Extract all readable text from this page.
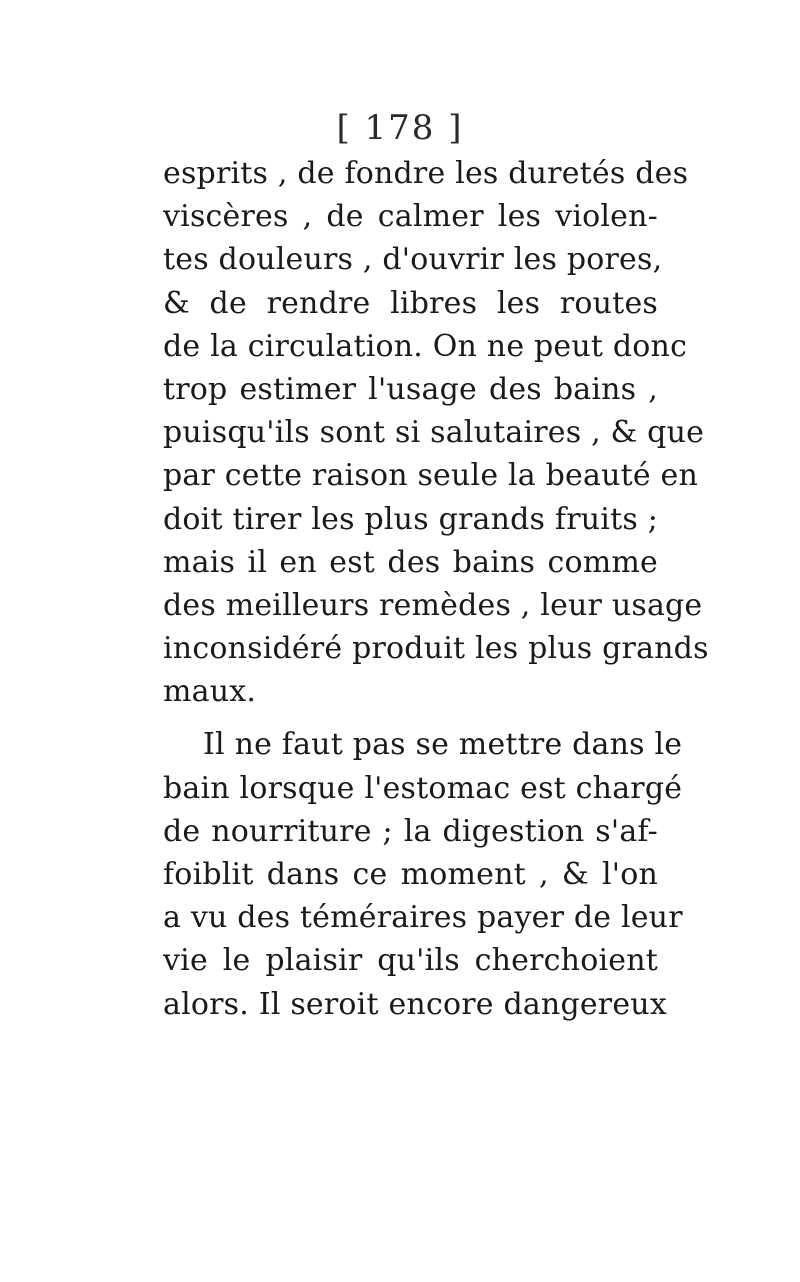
[ 178 ]
esprits , de fondre les duretés des
viscères , de calmer les violen-
tes douleurs , d'ouvrir les pores,
& de rendre libres les routes
de la circulation. On ne peut donc
trop estimer l'usage des bains ,
puisqu'ils sont si salutaires , & que
par cette raison seule la beauté en
doit tirer les plus grands fruits ;
mais il en est des bains comme
des meilleurs remèdes , leur usage
inconsidéré produit les plus grands
maux.
Il ne faut pas se mettre dans le
bain lorsque l'estomac est chargé
de nourriture ; la digestion s'af-
foiblit dans ce moment , & l'on
a vu des téméraires payer de leur
vie le plaisir qu'ils cherchoient
alors. Il seroit encore dangereux
